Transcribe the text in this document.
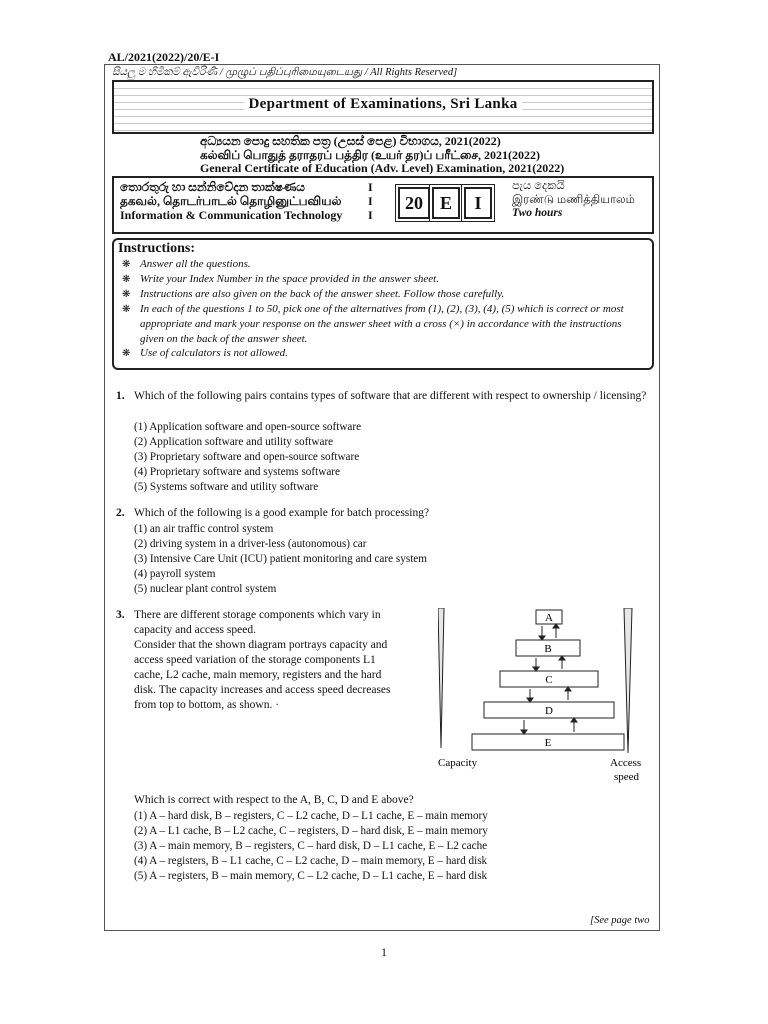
AL/2021(2022)/20/E-I
සියලු ම හිමිකම් ඇවිරිණි / முழுப் பதிப்புரிமையுடையது / All Rights Reserved]
Department of Examinations, Sri Lanka
අධ්‍යයන පොදු සහතික පත්‍ර (උසස් පෙළ) විභාගය, 2021(2022)
கல்விப் பொதுத் தராதரப் பத்திர (உயர் தர)ப் பரீட்சை, 2021(2022)
General Certificate of Education (Adv. Level) Examination, 2021(2022)
තොරතුරු හා සන්නිවේදන තාක්ෂණය
தகவல், தொடர்பாடல் தொழினுட்பவியல்
Information & Communication Technology
I
I
I
20 E	I
පැය දෙකයි
இரண்டு மணித்தியாலம்
Two hours
Instructions:
❋ Answer all the questions.
❋ Write your Index Number in the space provided in the answer sheet.
❋ Instructions are also given on the back of the answer sheet. Follow those carefully.
❋ In each of the questions 1 to 50, pick one of the alternatives from (1), (2), (3), (4), (5) which is correct or most appropriate and mark your response on the answer sheet with a cross (×) in accordance with the instructions given on the back of the answer sheet.
❋ Use of calculators is not allowed.
1. Which of the following pairs contains types of software that are different with respect to ownership / licensing?
(1) Application software and open-source software
(2) Application software and utility software
(3) Proprietary software and open-source software
(4) Proprietary software and systems software
(5) Systems software and utility software
2. Which of the following is a good example for batch processing?
(1) an air traffic control system
(2) driving system in a driver-less (autonomous) car
(3) Intensive Care Unit (ICU) patient monitoring and care system
(4) payroll system
(5) nuclear plant control system
3. There are different storage components which vary in
capacity and access speed.
Consider that the shown diagram portrays capacity and
access speed variation of the storage components L1
cache, L2 cache, main memory, registers and the hard
disk. The capacity increases and access speed decreases
from top to bottom, as shown. ·
A
B
C
D
E
Capacity	Access
speed
Which is correct with respect to the A, B, C, D and E above?
(1) A – hard disk, B – registers, C – L2 cache, D – L1 cache, E – main memory
(2) A – L1 cache, B – L2 cache, C – registers, D – hard disk, E – main memory
(3) A – main memory, B – registers, C – hard disk, D – L1 cache, E – L2 cache
(4) A – registers, B – L1 cache, C – L2 cache, D – main memory, E – hard disk
(5) A – registers, B – main memory, C – L2 cache, D – L1 cache, E – hard disk
[See page two
1
